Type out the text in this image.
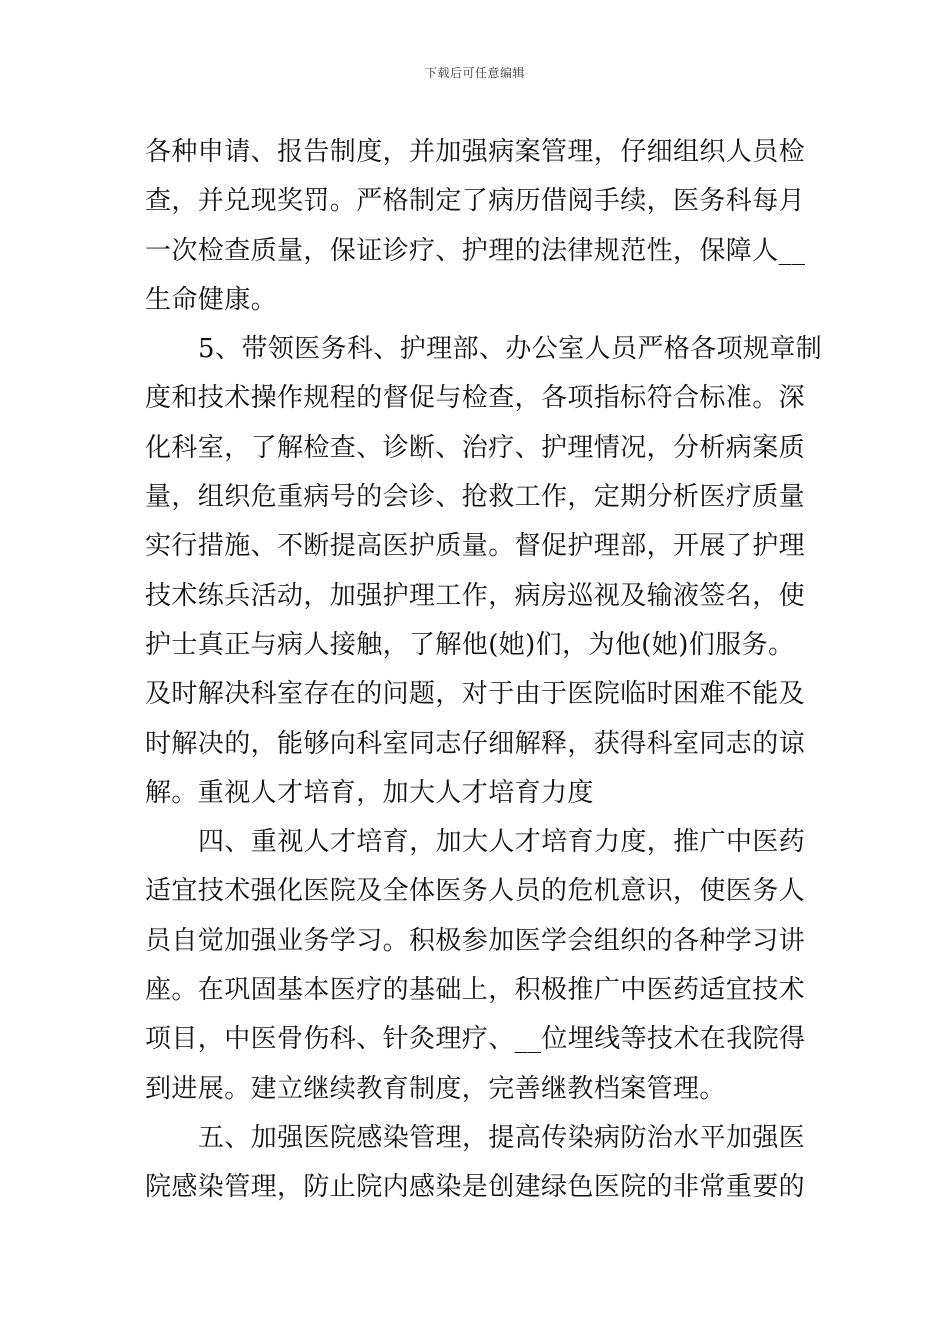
下载后可任意编辑

各种申请、报告制度，并加强病案管理，仔细组织人员检
查，并兑现奖罚。严格制定了病历借阅手续，医务科每月
一次检查质量，保证诊疗、护理的法律规范性，保障人__
生命健康。

5、带领医务科、护理部、办公室人员严格各项规章制
度和技术操作规程的督促与检查，各项指标符合标准。深
化科室，了解检查、诊断、治疗、护理情况，分析病案质
量，组织危重病号的会诊、抢救工作，定期分析医疗质量
实行措施、不断提高医护质量。督促护理部，开展了护理
技术练兵活动，加强护理工作，病房巡视及输液签名，使
护士真正与病人接触，了解他(她)们，为他(她)们服务。
及时解决科室存在的问题，对于由于医院临时困难不能及
时解决的，能够向科室同志仔细解释，获得科室同志的谅
解。重视人才培育，加大人才培育力度

四、重视人才培育，加大人才培育力度，推广中医药
适宜技术强化医院及全体医务人员的危机意识，使医务人
员自觉加强业务学习。积极参加医学会组织的各种学习讲
座。在巩固基本医疗的基础上，积极推广中医药适宜技术
项目，中医骨伤科、针灸理疗、__位埋线等技术在我院得
到进展。建立继续教育制度，完善继教档案管理。

五、加强医院感染管理，提高传染病防治水平加强医
院感染管理，防止院内感染是创建绿色医院的非常重要的
